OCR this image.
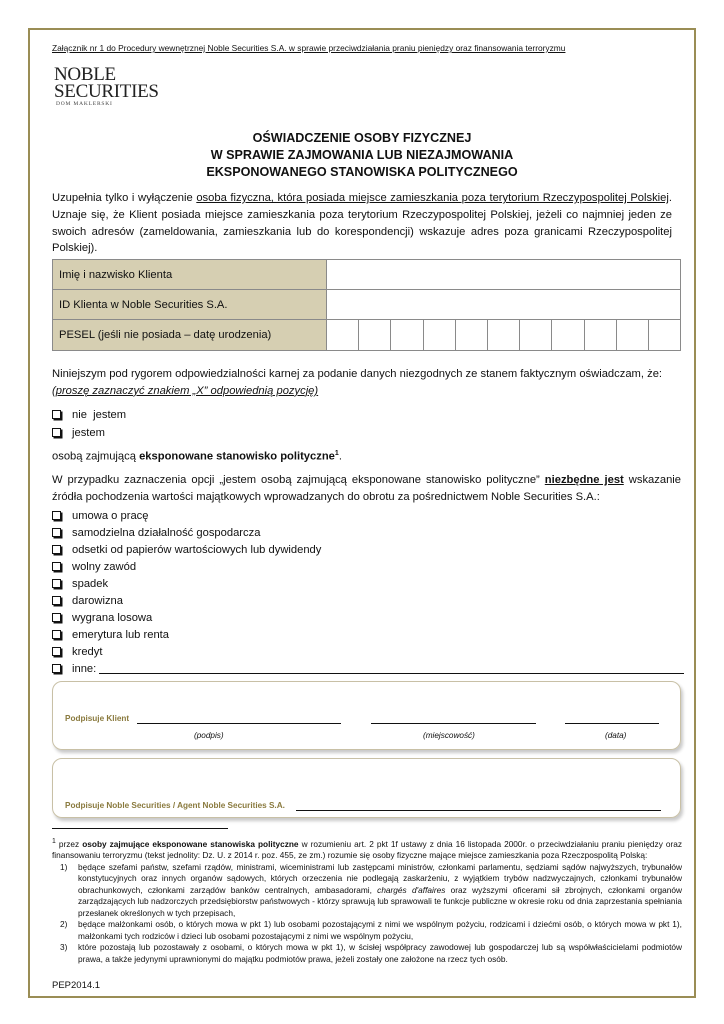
Załącznik nr 1 do Procedury wewnętrznej Noble Securities S.A. w sprawie przeciwdziałania praniu pieniędzy oraz finansowania terroryzmu
NOBLE
SECURITIES
DOM MAKLERSKI
OŚWIADCZENIE OSOBY FIZYCZNEJ
W SPRAWIE ZAJMOWANIA LUB NIEZAJMOWANIA
EKSPONOWANEGO STANOWISKA POLITYCZNEGO
Uzupełnia tylko i wyłączenie osoba fizyczna, która posiada miejsce zamieszkania poza terytorium Rzeczypospolitej Polskiej. Uznaje się, że Klient posiada miejsce zamieszkania poza terytorium Rzeczypospolitej Polskiej, jeżeli co najmniej jeden ze swoich adresów (zameldowania, zamieszkania lub do korespondencji) wskazuje adres poza granicami Rzeczypospolitej Polskiej).
Imię i nazwisko Klienta	
ID Klienta w Noble Securities S.A.	
PESEL (jeśli nie posiada – datę urodzenia)	
Niniejszym pod rygorem odpowiedzialności karnej za podanie danych niezgodnych ze stanem faktycznym oświadczam, że:
(proszę zaznaczyć znakiem „X” odpowiednią pozycję)
nie  jestem
jestem
osobą zajmującą eksponowane stanowisko polityczne$^1$.
W przypadku zaznaczenia opcji „jestem osobą zajmującą eksponowane stanowisko polityczne” niezbędne jest wskazanie źródła pochodzenia wartości majątkowych wprowadzanych do obrotu za pośrednictwem Noble Securities S.A.:
umowa o pracę
samodzielna działalność gospodarcza
odsetki od papierów wartościowych lub dywidendy
wolny zawód
spadek
darowizna
wygrana losowa
emerytura lub renta
kredyt
inne:
Podpisuje Klient
(podpis)	(miejscowość)	(data)
Podpisuje Noble Securities / Agent Noble Securities S.A.
$^1$ przez osoby zajmujące eksponowane stanowiska polityczne w rozumieniu art. 2 pkt 1f ustawy z dnia 16 listopada 2000r. o przeciwdziałaniu praniu pieniędzy oraz finansowaniu terroryzmu (tekst jednolity: Dz. U. z 2014 r. poz. 455, ze zm.) rozumie się osoby fizyczne mające miejsce zamieszkania poza Rzeczpospolitą Polską:
1) będące szefami państw, szefami rządów, ministrami, wiceministrami lub zastępcami ministrów, członkami parlamentu, sędziami sądów najwyższych, trybunałów konstytucyjnych oraz innych organów sądowych, których orzeczenia nie podlegają zaskarżeniu, z wyjątkiem trybów nadzwyczajnych, członkami trybunałów obrachunkowych, członkami zarządów banków centralnych, ambasadorami, chargés d'affaires oraz wyższymi oficerami sił zbrojnych, członkami organów zarządzających lub nadzorczych przedsiębiorstw państwowych - którzy sprawują lub sprawowali te funkcje publiczne w okresie roku od dnia zaprzestania spełniania przesłanek określonych w tych przepisach,
2) będące małżonkami osób, o których mowa w pkt 1) lub osobami pozostającymi z nimi we wspólnym pożyciu, rodzicami i dziećmi osób, o których mowa w pkt 1), małżonkami tych rodziców i dzieci lub osobami pozostającymi z nimi we wspólnym pożyciu,
3) które pozostają lub pozostawały z osobami, o których mowa w pkt 1), w ścisłej współpracy zawodowej lub gospodarczej lub są współwłaścicielami podmiotów prawa, a także jedynymi uprawnionymi do majątku podmiotów prawa, jeżeli zostały one założone na rzecz tych osób.
PEP2014.1
